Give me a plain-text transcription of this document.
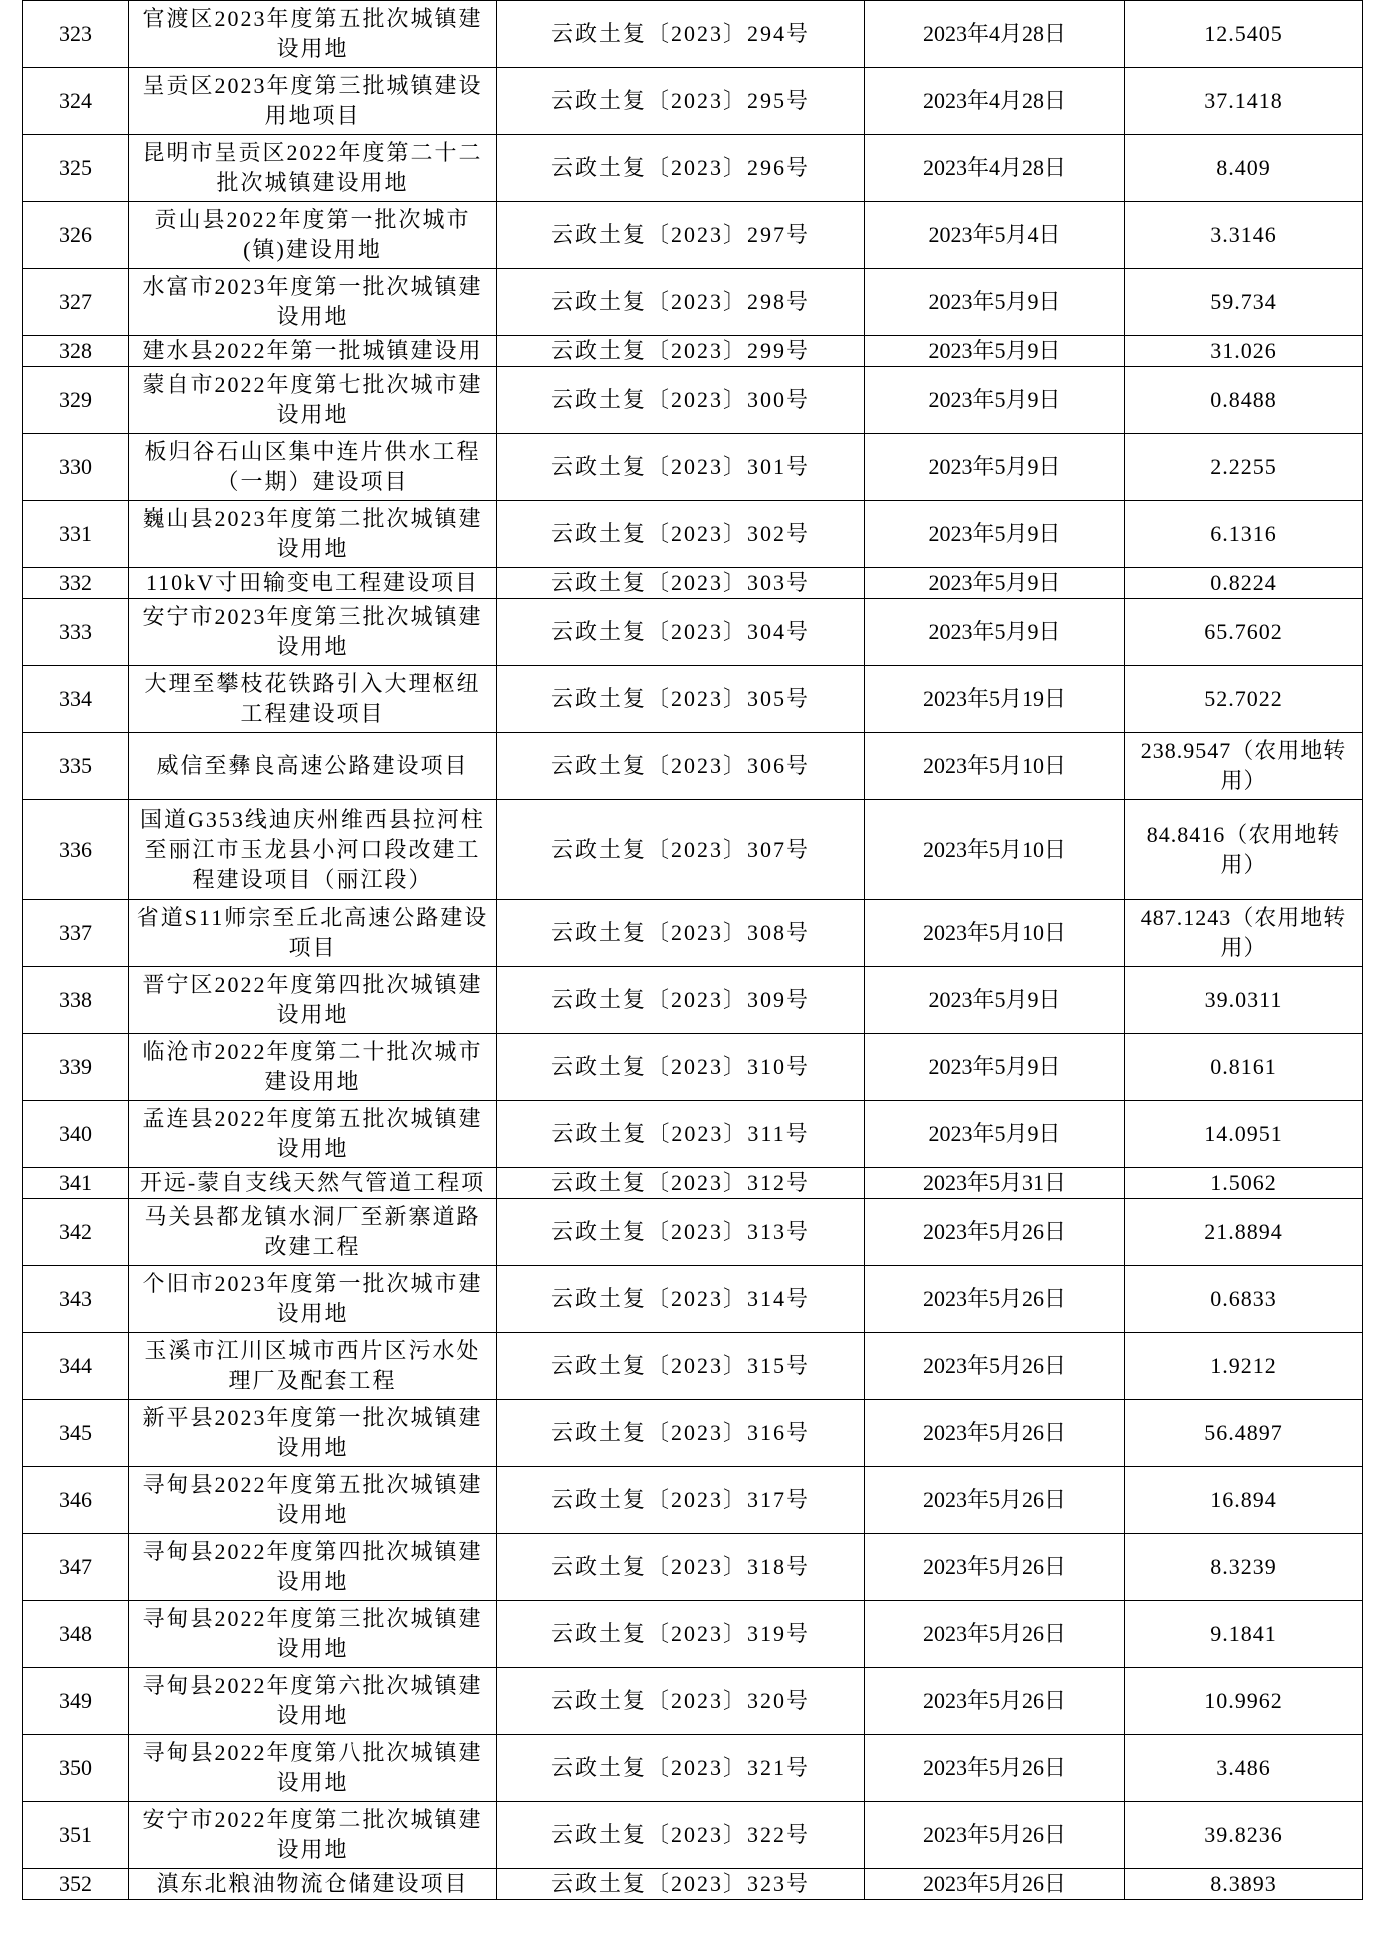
323	官渡区2023年度第五批次城镇建设用地	云政土复〔2023〕294号	2023年4月28日	12.5405
324	呈贡区2023年度第三批城镇建设用地项目	云政土复〔2023〕295号	2023年4月28日	37.1418
325	昆明市呈贡区2022年度第二十二批次城镇建设用地	云政土复〔2023〕296号	2023年4月28日	8.409
326	贡山县2022年度第一批次城市(镇)建设用地	云政土复〔2023〕297号	2023年5月4日	3.3146
327	水富市2023年度第一批次城镇建设用地	云政土复〔2023〕298号	2023年5月9日	59.734
328	建水县2022年第一批城镇建设用	云政土复〔2023〕299号	2023年5月9日	31.026
329	蒙自市2022年度第七批次城市建设用地	云政土复〔2023〕300号	2023年5月9日	0.8488
330	板归谷石山区集中连片供水工程（一期）建设项目	云政土复〔2023〕301号	2023年5月9日	2.2255
331	巍山县2023年度第二批次城镇建设用地	云政土复〔2023〕302号	2023年5月9日	6.1316
332	110kV寸田输变电工程建设项目	云政土复〔2023〕303号	2023年5月9日	0.8224
333	安宁市2023年度第三批次城镇建设用地	云政土复〔2023〕304号	2023年5月9日	65.7602
334	大理至攀枝花铁路引入大理枢纽工程建设项目	云政土复〔2023〕305号	2023年5月19日	52.7022
335	威信至彝良高速公路建设项目	云政土复〔2023〕306号	2023年5月10日	238.9547（农用地转用）
336	国道G353线迪庆州维西县拉河柱至丽江市玉龙县小河口段改建工程建设项目（丽江段）	云政土复〔2023〕307号	2023年5月10日	84.8416（农用地转用）
337	省道S11师宗至丘北高速公路建设项目	云政土复〔2023〕308号	2023年5月10日	487.1243（农用地转用）
338	晋宁区2022年度第四批次城镇建设用地	云政土复〔2023〕309号	2023年5月9日	39.0311
339	临沧市2022年度第二十批次城市建设用地	云政土复〔2023〕310号	2023年5月9日	0.8161
340	孟连县2022年度第五批次城镇建设用地	云政土复〔2023〕311号	2023年5月9日	14.0951
341	开远-蒙自支线天然气管道工程项	云政土复〔2023〕312号	2023年5月31日	1.5062
342	马关县都龙镇水洞厂至新寨道路改建工程	云政土复〔2023〕313号	2023年5月26日	21.8894
343	个旧市2023年度第一批次城市建设用地	云政土复〔2023〕314号	2023年5月26日	0.6833
344	玉溪市江川区城市西片区污水处理厂及配套工程	云政土复〔2023〕315号	2023年5月26日	1.9212
345	新平县2023年度第一批次城镇建设用地	云政土复〔2023〕316号	2023年5月26日	56.4897
346	寻甸县2022年度第五批次城镇建设用地	云政土复〔2023〕317号	2023年5月26日	16.894
347	寻甸县2022年度第四批次城镇建设用地	云政土复〔2023〕318号	2023年5月26日	8.3239
348	寻甸县2022年度第三批次城镇建设用地	云政土复〔2023〕319号	2023年5月26日	9.1841
349	寻甸县2022年度第六批次城镇建设用地	云政土复〔2023〕320号	2023年5月26日	10.9962
350	寻甸县2022年度第八批次城镇建设用地	云政土复〔2023〕321号	2023年5月26日	3.486
351	安宁市2022年度第二批次城镇建设用地	云政土复〔2023〕322号	2023年5月26日	39.8236
352	滇东北粮油物流仓储建设项目	云政土复〔2023〕323号	2023年5月26日	8.3893
